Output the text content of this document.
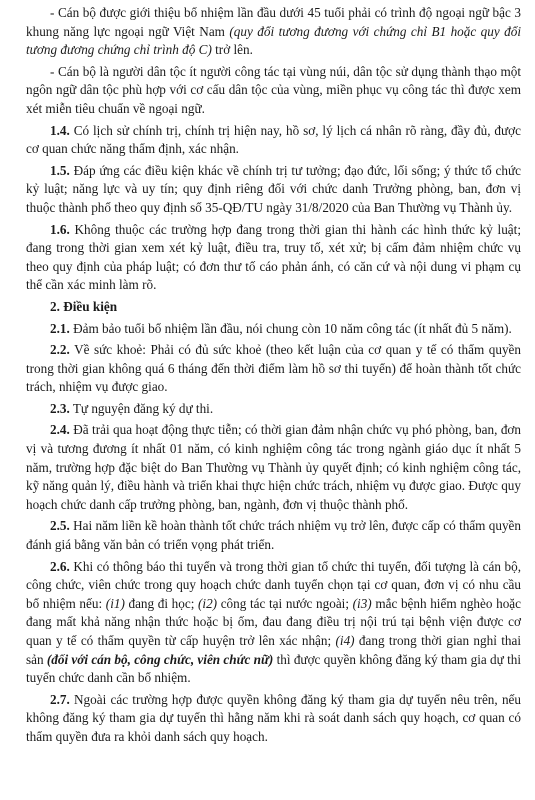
- Cán bộ được giới thiệu bổ nhiệm lần đầu dưới 45 tuổi phải có trình độ ngoại ngữ bậc 3 khung năng lực ngoại ngữ Việt Nam (quy đổi tương đương với chứng chỉ B1 hoặc quy đổi tương đương chứng chỉ trình độ C) trở lên.

- Cán bộ là người dân tộc ít người công tác tại vùng núi, dân tộc sử dụng thành thạo một ngôn ngữ dân tộc phù hợp với cơ cấu dân tộc của vùng, miền phục vụ công tác thì được xem xét miễn tiêu chuẩn về ngoại ngữ.

1.4. Có lịch sử chính trị, chính trị hiện nay, hồ sơ, lý lịch cá nhân rõ ràng, đầy đủ, được cơ quan chức năng thẩm định, xác nhận.

1.5. Đáp ứng các điều kiện khác về chính trị tư tưởng; đạo đức, lối sống; ý thức tổ chức kỷ luật; năng lực và uy tín; quy định riêng đối với chức danh Trưởng phòng, ban, đơn vị thuộc thành phố theo quy định số 35-QĐ/TU ngày 31/8/2020 của Ban Thường vụ Thành ủy.

1.6. Không thuộc các trường hợp đang trong thời gian thi hành các hình thức kỷ luật; đang trong thời gian xem xét kỷ luật, điều tra, truy tố, xét xử; bị cấm đảm nhiệm chức vụ theo quy định của pháp luật; có đơn thư tố cáo phản ánh, có căn cứ và nội dung vi phạm cụ thể cần xác minh làm rõ.

2. Điều kiện

2.1. Đảm bảo tuổi bổ nhiệm lần đầu, nói chung còn 10 năm công tác (ít nhất đủ 5 năm).

2.2. Về sức khoẻ: Phải có đủ sức khoẻ (theo kết luận của cơ quan y tế có thẩm quyền trong thời gian không quá 6 tháng đến thời điểm làm hồ sơ thi tuyển) để hoàn thành tốt chức trách, nhiệm vụ được giao.

2.3. Tự nguyện đăng ký dự thi.

2.4. Đã trải qua hoạt động thực tiễn; có thời gian đảm nhận chức vụ phó phòng, ban, đơn vị và tương đương ít nhất 01 năm, có kinh nghiệm công tác trong ngành giáo dục ít nhất 5 năm, trường hợp đặc biệt do Ban Thường vụ Thành ủy quyết định; có kinh nghiệm công tác, kỹ năng quản lý, điều hành và triển khai thực hiện chức trách, nhiệm vụ được giao. Được quy hoạch chức danh cấp trưởng phòng, ban, ngành, đơn vị thuộc thành phố.

2.5. Hai năm liền kề hoàn thành tốt chức trách nhiệm vụ trở lên, được cấp có thẩm quyền đánh giá bằng văn bản có triển vọng phát triển.

2.6. Khi có thông báo thi tuyển và trong thời gian tổ chức thi tuyển, đối tượng là cán bộ, công chức, viên chức trong quy hoạch chức danh tuyển chọn tại cơ quan, đơn vị có nhu cầu bổ nhiệm nếu: (i1) đang đi học; (i2) công tác tại nước ngoài; (i3) mắc bệnh hiểm nghèo hoặc đang mất khả năng nhận thức hoặc bị ốm, đau đang điều trị nội trú tại bệnh viện được cơ quan y tế có thẩm quyền từ cấp huyện trở lên xác nhận; (i4) đang trong thời gian nghỉ thai sản (đối với cán bộ, công chức, viên chức nữ) thì được quyền không đăng ký tham gia dự thi tuyển chức danh cần bổ nhiệm.

2.7. Ngoài các trường hợp được quyền không đăng ký tham gia dự tuyển nêu trên, nếu không đăng ký tham gia dự tuyển thì hằng năm khi rà soát danh sách quy hoạch, cơ quan có thẩm quyền đưa ra khỏi danh sách quy hoạch.
